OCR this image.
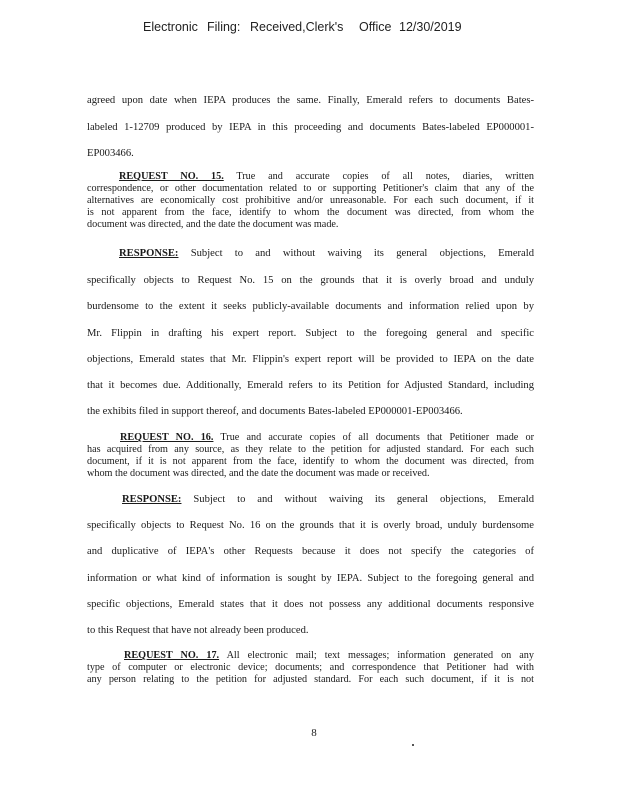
Electronic Filing: Received,Clerk's Office 12/30/2019
agreed upon date when IEPA produces the same. Finally, Emerald refers to documents Bates-
labeled 1-12709 produced by IEPA in this proceeding and documents Bates-labeled EP000001-
EP003466.
REQUEST NO. 15. True and accurate copies of all notes, diaries, written
correspondence, or other documentation related to or supporting Petitioner's claim that any of the
alternatives are economically cost prohibitive and/or unreasonable. For each such document, if it
is not apparent from the face, identify to whom the document was directed, from whom the
document was directed, and the date the document was made.
RESPONSE: Subject to and without waiving its general objections, Emerald
specifically objects to Request No. 15 on the grounds that it is overly broad and unduly
burdensome to the extent it seeks publicly-available documents and information relied upon by
Mr. Flippin in drafting his expert report. Subject to the foregoing general and specific
objections, Emerald states that Mr. Flippin's expert report will be provided to IEPA on the date
that it becomes due. Additionally, Emerald refers to its Petition for Adjusted Standard, including
the exhibits filed in support thereof, and documents Bates-labeled EP000001-EP003466.
REQUEST NO. 16. True and accurate copies of all documents that Petitioner made or
has acquired from any source, as they relate to the petition for adjusted standard. For each such
document, if it is not apparent from the face, identify to whom the document was directed, from
whom the document was directed, and the date the document was made or received.
RESPONSE: Subject to and without waiving its general objections, Emerald
specifically objects to Request No. 16 on the grounds that it is overly broad, unduly burdensome
and duplicative of IEPA's other Requests because it does not specify the categories of
information or what kind of information is sought by IEPA. Subject to the foregoing general and
specific objections, Emerald states that it does not possess any additional documents responsive
to this Request that have not already been produced.
REQUEST NO. 17. All electronic mail; text messages; information generated on any
type of computer or electronic device; documents; and correspondence that Petitioner had with
any person relating to the petition for adjusted standard. For each such document, if it is not
8
